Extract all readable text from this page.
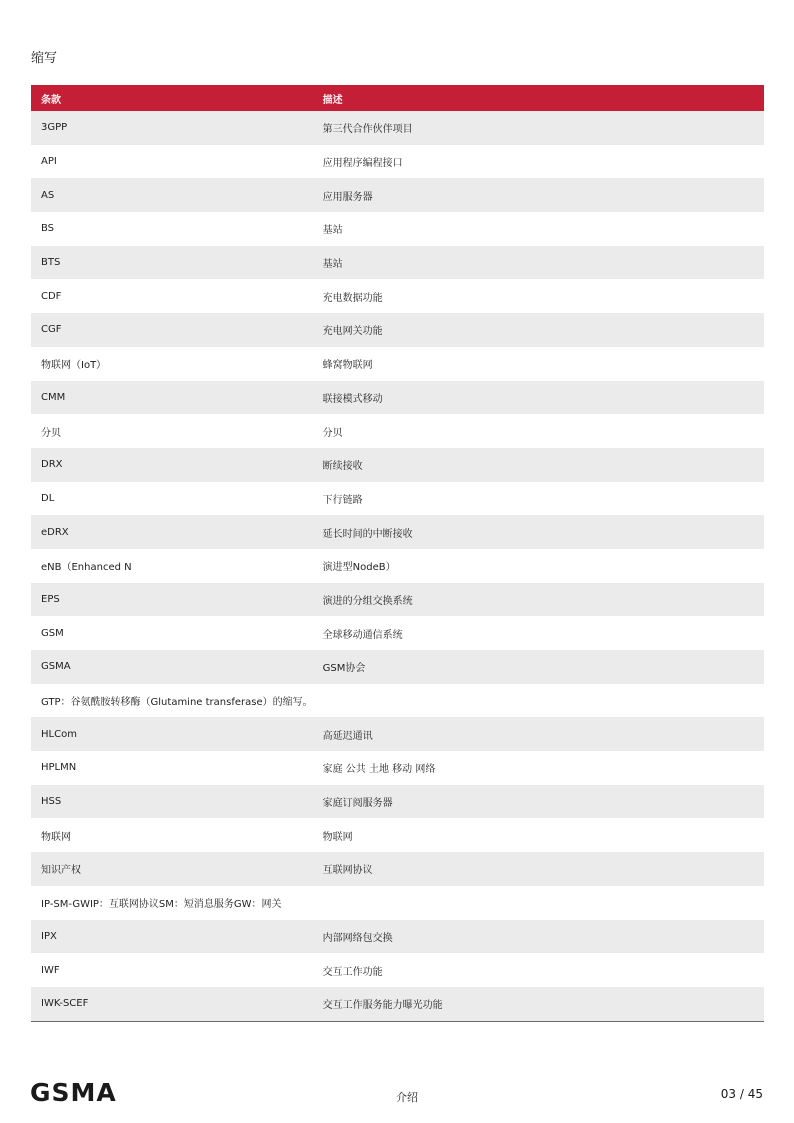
缩写
条款	描述
3GPP	第三代合作伙伴项目
API	应用程序编程接口
AS	应用服务器
BS	基站
BTS	基站
CDF	充电数据功能
CGF	充电网关功能
物联网（IoT）	蜂窝物联网
CMM	联接模式移动
分贝	分贝
DRX	断续接收
DL	下行链路
eDRX	延长时间的中断接收
eNB（Enhanced N	演进型NodeB）
EPS	演进的分组交换系统
GSM	全球移动通信系统
GSMA	GSM协会
GTP：谷氨酰胺转移酶（Glutamine transferase）的缩写。	
HLCom	高延迟通讯
HPLMN	家庭 公共 土地 移动 网络
HSS	家庭订阅服务器
物联网	物联网
知识产权	互联网协议
IP-SM-GWIP：互联网协议SM：短消息服务GW：网关	
IPX	内部网络包交换
IWF	交互工作功能
IWK-SCEF	交互工作服务能力曝光功能
GSMA	介绍	03 / 45
